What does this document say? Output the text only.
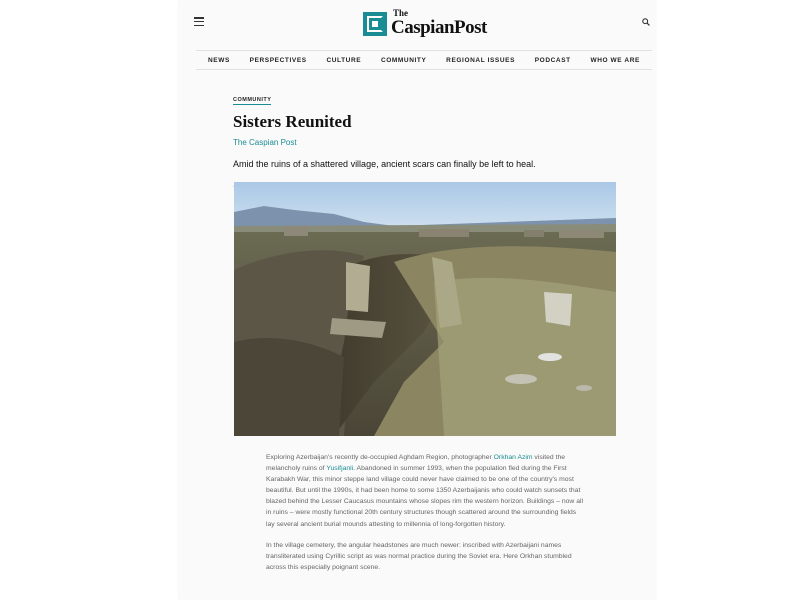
The
CaspianPost
NEWS	PERSPECTIVES	CULTURE	COMMUNITY	REGIONAL ISSUES	PODCAST	WHO WE ARE
COMMUNITY
Sisters Reunited
The Caspian Post
Amid the ruins of a shattered village, ancient scars can finally be left to heal.

Exploring Azerbaijan's recently de-occupied Aghdam Region, photographer Orkhan Azim visited the melancholy ruins of Yusifjanli. Abandoned in summer 1993, when the population fled during the First Karabakh War, this minor steppe land village could never have claimed to be one of the country's most beautiful. But until the 1990s, it had been home to some 1350 Azerbaijanis who could watch sunsets that blazed behind the Lesser Caucasus mountains whose slopes rim the western horizon. Buildings – now all in ruins – were mostly functional 20th century structures though scattered around the surrounding fields lay several ancient burial mounds attesting to millennia of long-forgotten history.

In the village cemetery, the angular headstones are much newer: inscribed with Azerbaijani names transliterated using Cyrillic script as was normal practice during the Soviet era. Here Orkhan stumbled across this especially poignant scene.
